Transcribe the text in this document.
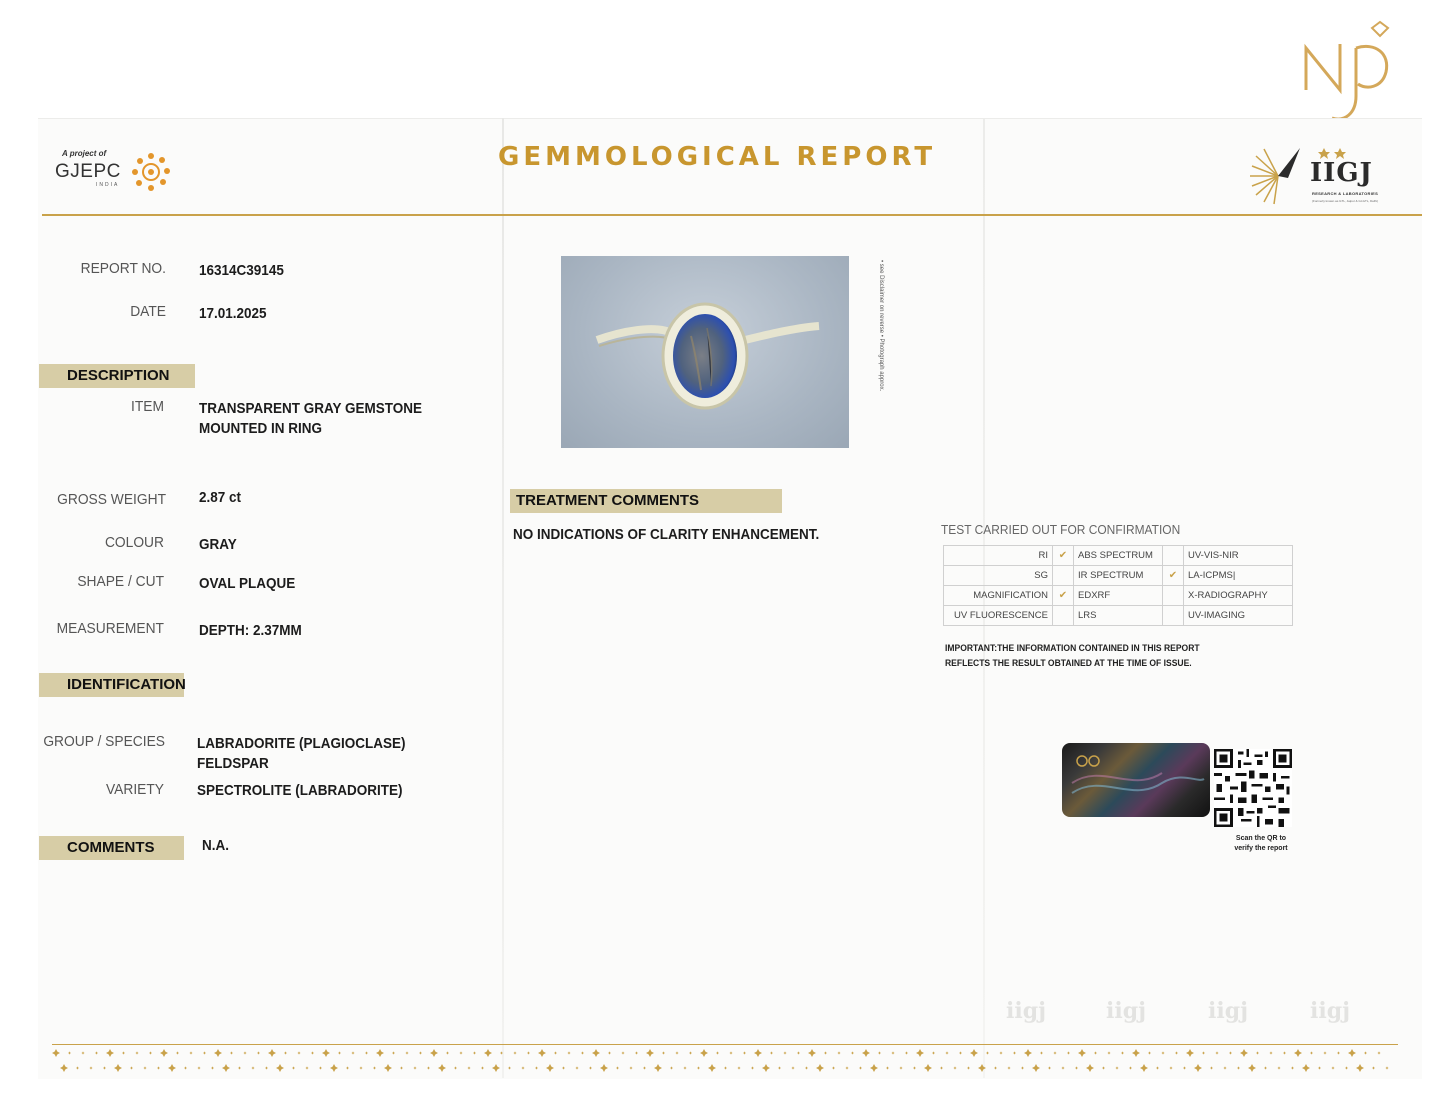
A project of
GJEPC
INDIA
GEMMOLOGICAL REPORT
IIGJ
RESEARCH & LABORATORIES
(Formerly known as GTL, Jaipur & GI-GTL, Delhi)
REPORT NO. 16314C39145
DATE 17.01.2025
DESCRIPTION
ITEM TRANSPARENT GRAY GEMSTONE
MOUNTED IN RING
GROSS WEIGHT 2.87 ct
COLOUR GRAY
SHAPE / CUT OVAL PLAQUE
MEASUREMENT DEPTH: 2.37MM
IDENTIFICATION
GROUP / SPECIES LABRADORITE (PLAGIOCLASE)
FELDSPAR
VARIETY SPECTROLITE (LABRADORITE)
COMMENTS	N.A.
• see Disclaimer on reverse • Photograph approx.
TREATMENT COMMENTS
NO INDICATIONS OF CLARITY ENHANCEMENT.	TEST CARRIED OUT FOR CONFIRMATION
RI	✔	ABS SPECTRUM		UV-VIS-NIR
SG		IR SPECTRUM	✔	LA-ICPMS|
MAGNIFICATION	✔	EDXRF		X-RADIOGRAPHY
UV FLUORESCENCE		LRS		UV-IMAGING
IMPORTANT:THE INFORMATION CONTAINED IN THIS REPORT REFLECTS THE RESULT OBTAINED AT THE TIME OF ISSUE.
Scan the QR to
verify the report
iigj	iigj	iigj	iigj
